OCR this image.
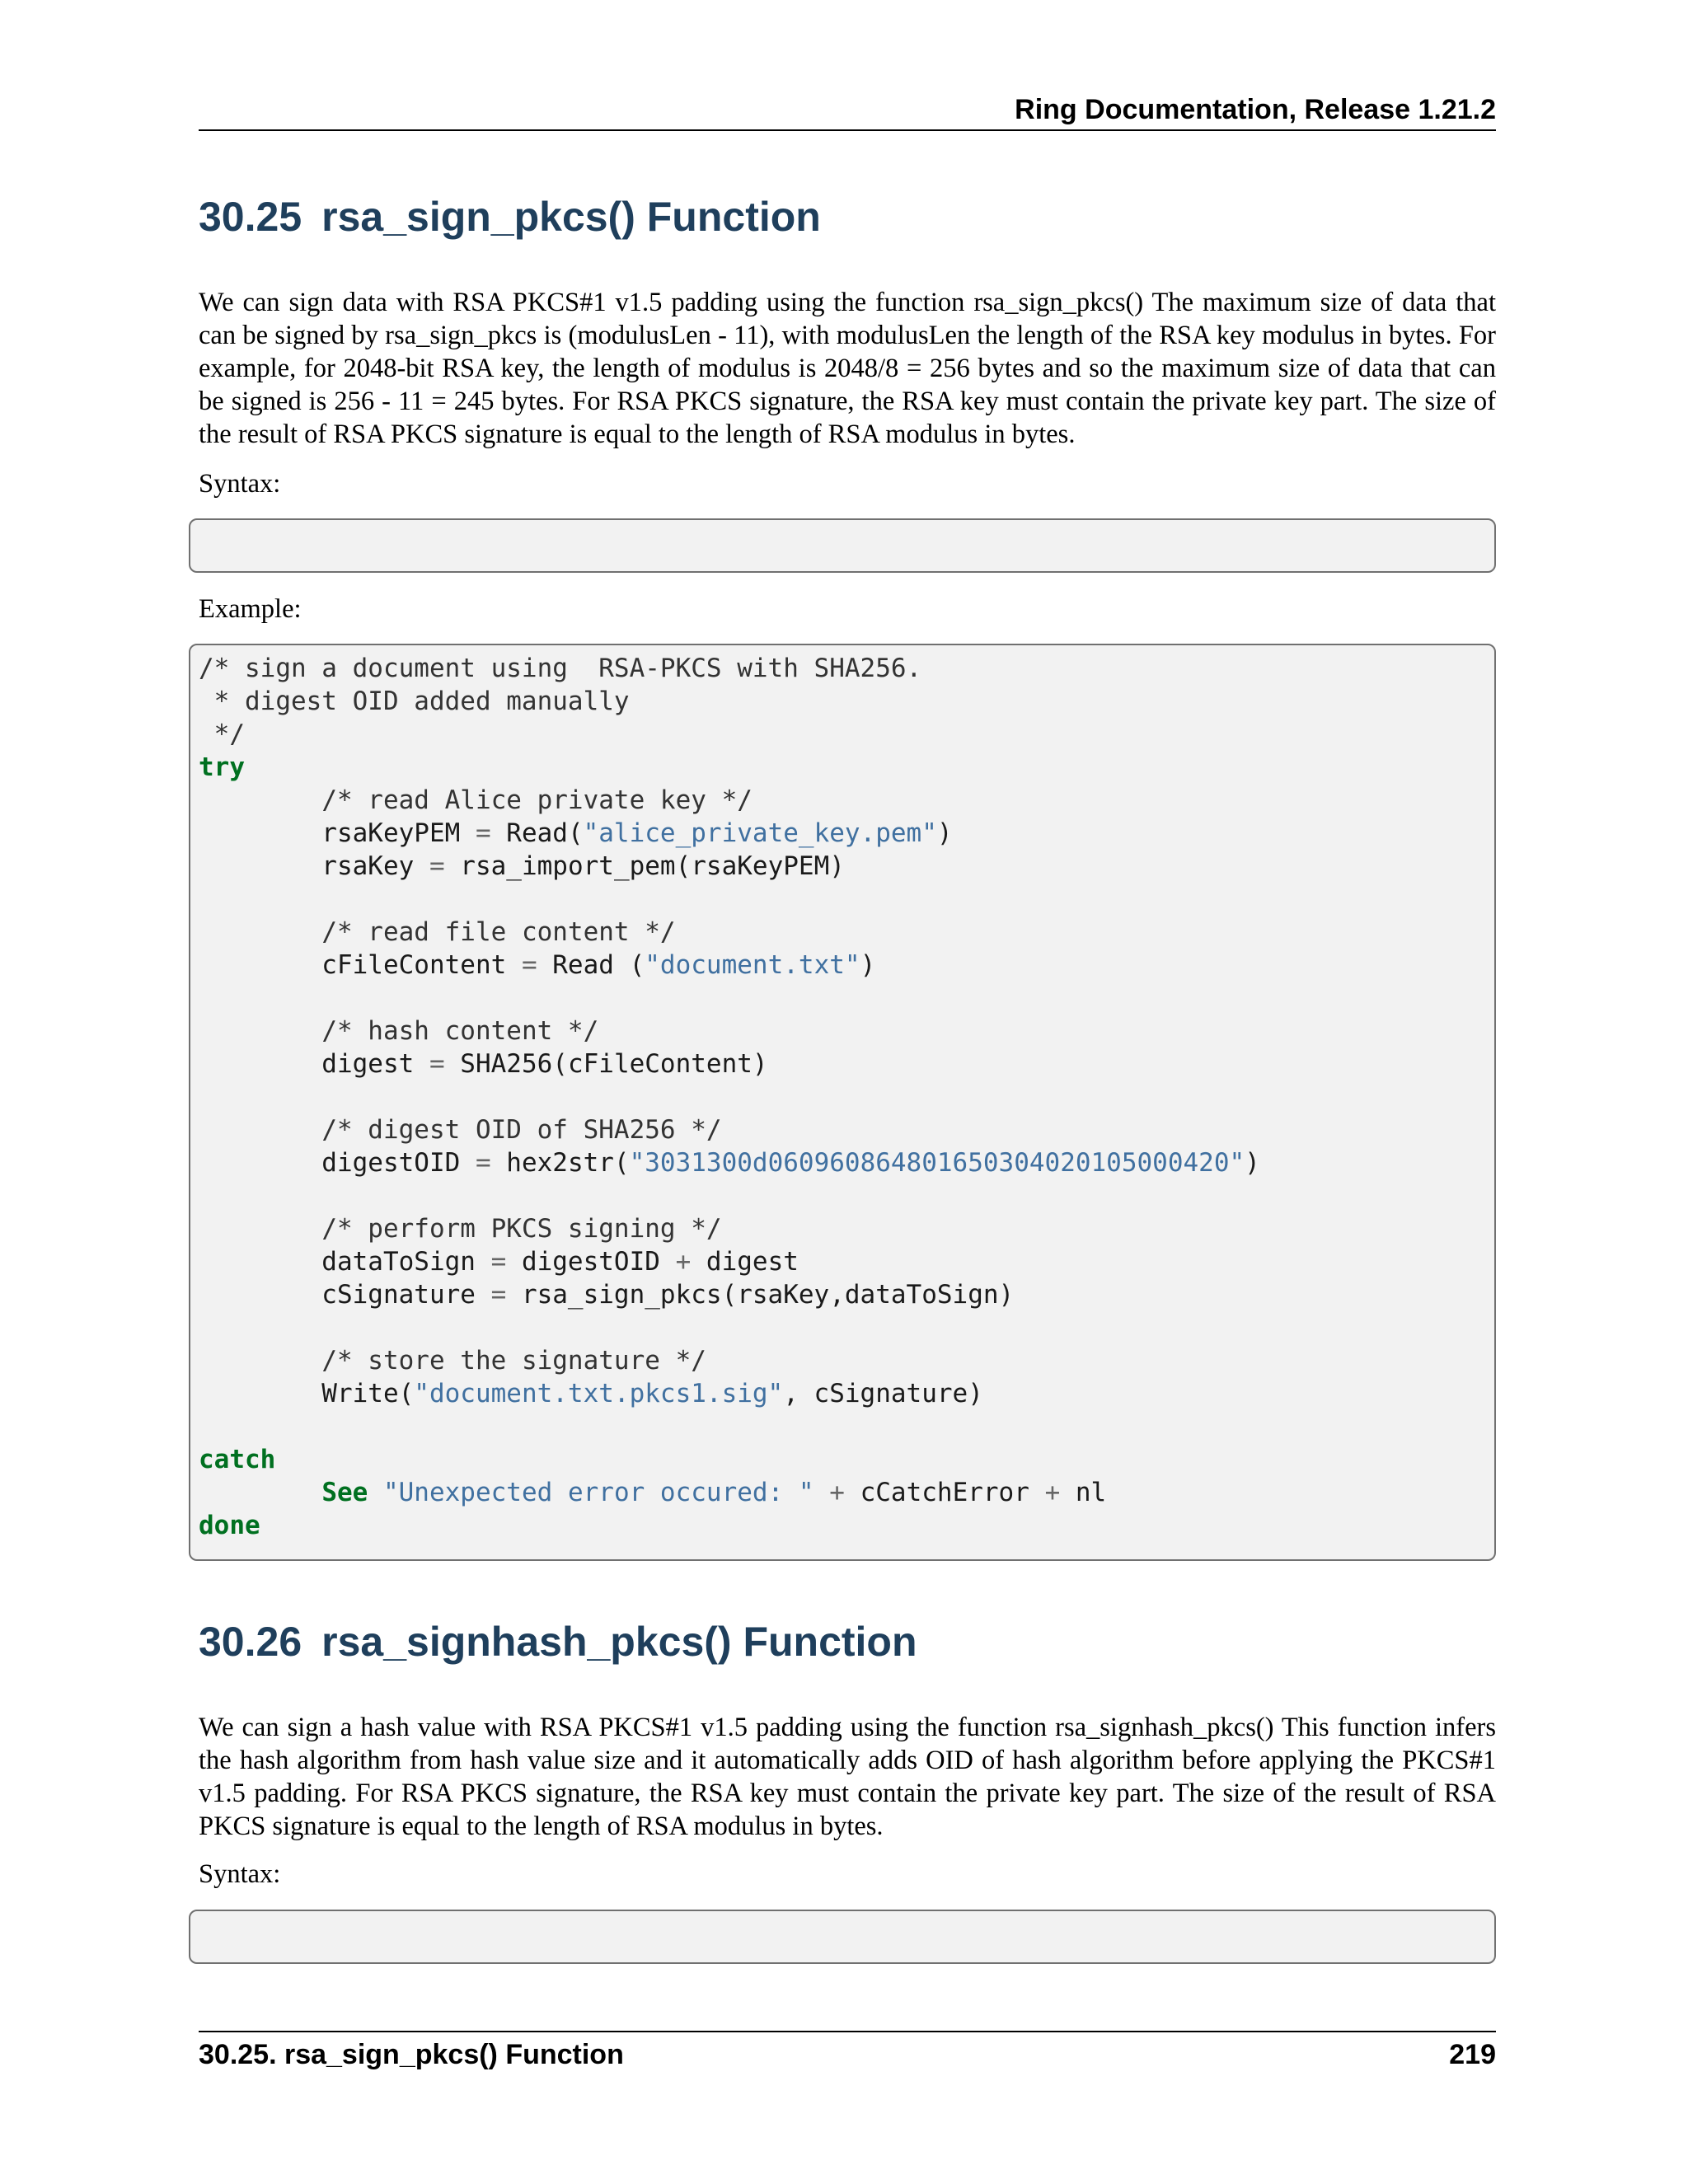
Ring Documentation, Release 1.21.2
30.25 rsa_sign_pkcs() Function

We can sign data with RSA PKCS#1 v1.5 padding using the function rsa_sign_pkcs() The maximum size of data that can be signed by rsa_sign_pkcs is (modulusLen - 11), with modulusLen the length of the RSA key modulus in bytes. For example, for 2048-bit RSA key, the length of modulus is 2048/8 = 256 bytes and so the maximum size of data that can be signed is 256 - 11 = 245 bytes. For RSA PKCS signature, the RSA key must contain the private key part. The size of the result of RSA PKCS signature is equal to the length of RSA modulus in bytes.

Syntax:

Example:

/* sign a document using  RSA-PKCS with SHA256.
* digest OID added manually
*/
try
/* read Alice private key */
rsaKeyPEM = Read("alice_private_key.pem")
rsaKey = rsa_import_pem(rsaKeyPEM)
/* read file content */
cFileContent = Read ("document.txt")
/* hash content */
digest = SHA256(cFileContent)
/* digest OID of SHA256 */
digestOID = hex2str("3031300d060960864801650304020105000420")
/* perform PKCS signing */
dataToSign = digestOID + digest
cSignature = rsa_sign_pkcs(rsaKey,dataToSign)
/* store the signature */
Write("document.txt.pkcs1.sig", cSignature)
catch
See "Unexpected error occured: " + cCatchError + nl
done
30.26 rsa_signhash_pkcs() Function

We can sign a hash value with RSA PKCS#1 v1.5 padding using the function rsa_signhash_pkcs() This function infers the hash algorithm from hash value size and it automatically adds OID of hash algorithm before applying the PKCS#1 v1.5 padding. For RSA PKCS signature, the RSA key must contain the private key part. The size of the result of RSA PKCS signature is equal to the length of RSA modulus in bytes.

Syntax:

30.25. rsa_sign_pkcs() Function	219
